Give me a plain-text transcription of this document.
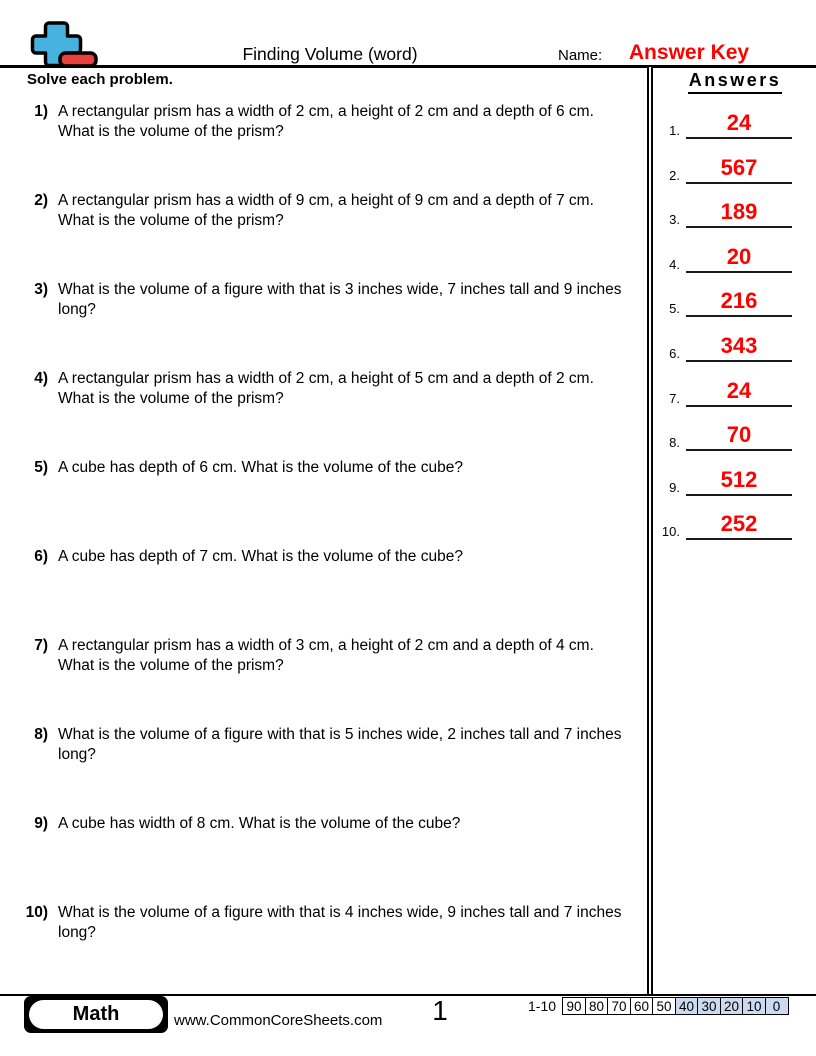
Finding Volume (word)	Name:	Answer Key
Solve each problem.	Answers
1.	24
2.	567
3.	189
4.	20
5.	216
6.	343
7.	24
8.	70
9.	512
10.	252
1) A rectangular prism has a width of 2 cm, a height of 2 cm and a depth of 6 cm.
What is the volume of the prism?
2) A rectangular prism has a width of 9 cm, a height of 9 cm and a depth of 7 cm.
What is the volume of the prism?
3) What is the volume of a figure with that is 3 inches wide, 7 inches tall and 9 inches
long?
4) A rectangular prism has a width of 2 cm, a height of 5 cm and a depth of 2 cm.
What is the volume of the prism?
5) A cube has depth of 6 cm. What is the volume of the cube?
6) A cube has depth of 7 cm. What is the volume of the cube?
7) A rectangular prism has a width of 3 cm, a height of 2 cm and a depth of 4 cm.
What is the volume of the prism?
8) What is the volume of a figure with that is 5 inches wide, 2 inches tall and 7 inches
long?
9) A cube has width of 8 cm. What is the volume of the cube?
10) What is the volume of a figure with that is 4 inches wide, 9 inches tall and 7 inches
long?
Math	www.CommonCoreSheets.com	1	1-10 90 80 70 60 50 40 30 20 10 0
